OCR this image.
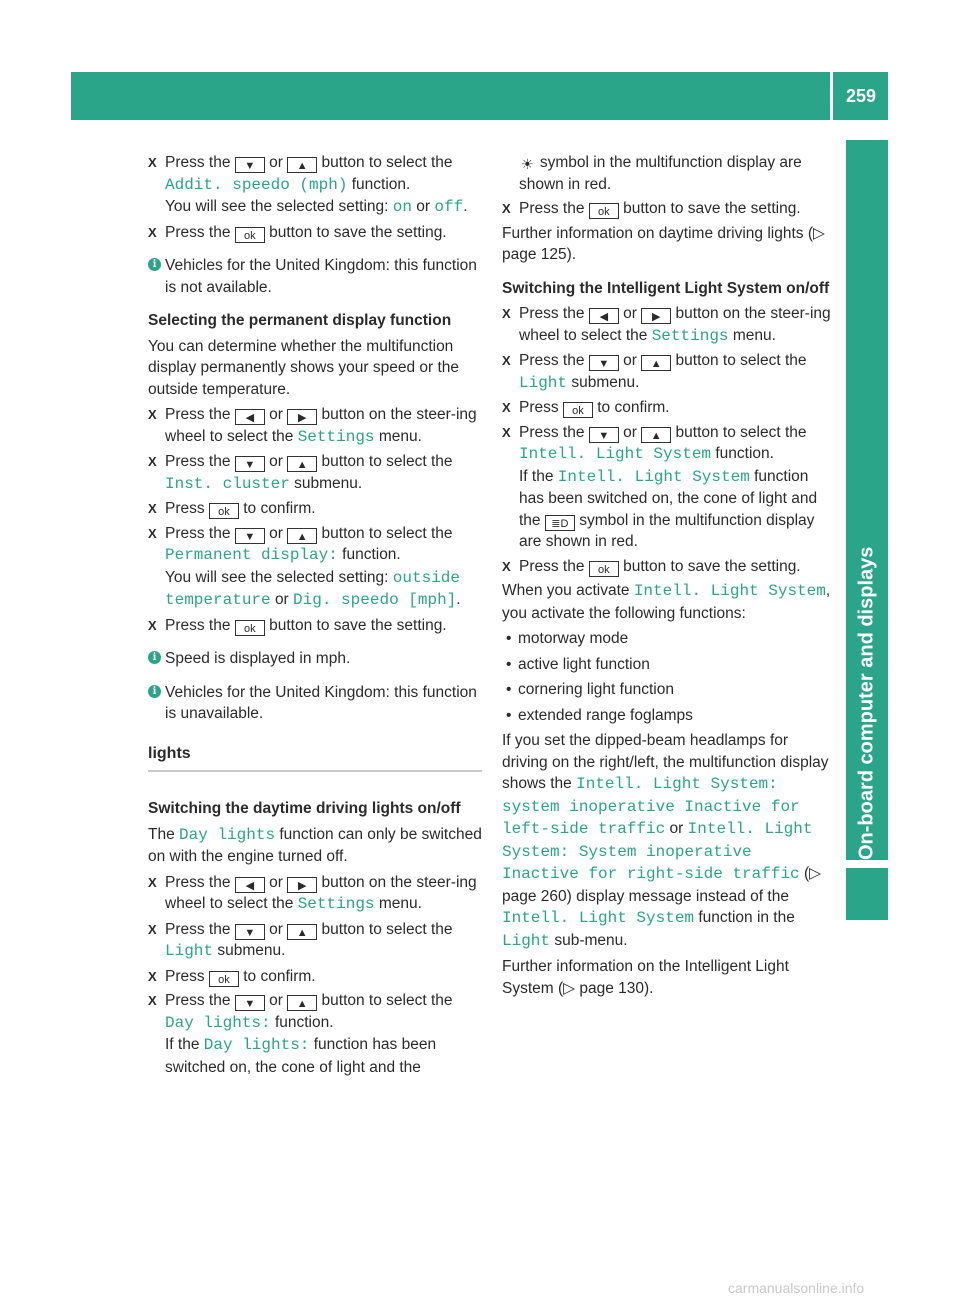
Menus and submenus
259
On-board computer and displays
X Press the ▼ or ▲ button to select the Addit. speedo (mph) function.
You will see the selected setting: on or off.
X Press the ok button to save the setting.
i Vehicles for the United Kingdom: this function is not available.
Selecting the permanent display function
You can determine whether the multifunction display permanently shows your speed or the outside temperature.
X Press the ◀ or ▶ button on the steer-ing wheel to select the Settings menu.
X Press the ▼ or ▲ button to select the Inst. cluster submenu.
X Press ok to confirm.
X Press the ▼ or ▲ button to select the Permanent display: function.
You will see the selected setting: outside temperature or Dig. speedo [mph].
X Press the ok button to save the setting.
i Speed is displayed in mph.
i Vehicles for the United Kingdom: this function is unavailable.
lights
Switching the daytime driving lights on/off
The Day lights function can only be switched on with the engine turned off.
X Press the ◀ or ▶ button on the steer-ing wheel to select the Settings menu.
X Press the ▼ or ▲ button to select the Light submenu.
X Press ok to confirm.
X Press the ▼ or ▲ button to select the Day lights: function.
If the Day lights: function has been switched on, the cone of light and the
☀ symbol in the multifunction display are shown in red.
X Press the ok button to save the setting.
Further information on daytime driving lights (▷ page 125).
Switching the Intelligent Light System on/off
X Press the ◀ or ▶ button on the steer-ing wheel to select the Settings menu.
X Press the ▼ or ▲ button to select the Light submenu.
X Press ok to confirm.
X Press the ▼ or ▲ button to select the Intell. Light System function.
If the Intell. Light System function has been switched on, the cone of light and the ≣D symbol in the multifunction display are shown in red.
X Press the ok button to save the setting.
When you activate Intell. Light System, you activate the following functions:
• motorway mode
• active light function
• cornering light function
• extended range foglamps
If you set the dipped-beam headlamps for driving on the right/left, the multifunction display shows the Intell. Light System: system inoperative Inactive for left-side traffic or Intell. Light System: System inoperative Inactive for right-side traffic (▷ page 260) display message instead of the Intell. Light System function in the Light sub-menu.
Further information on the Intelligent Light System (▷ page 130).
carmanualsonline.info
